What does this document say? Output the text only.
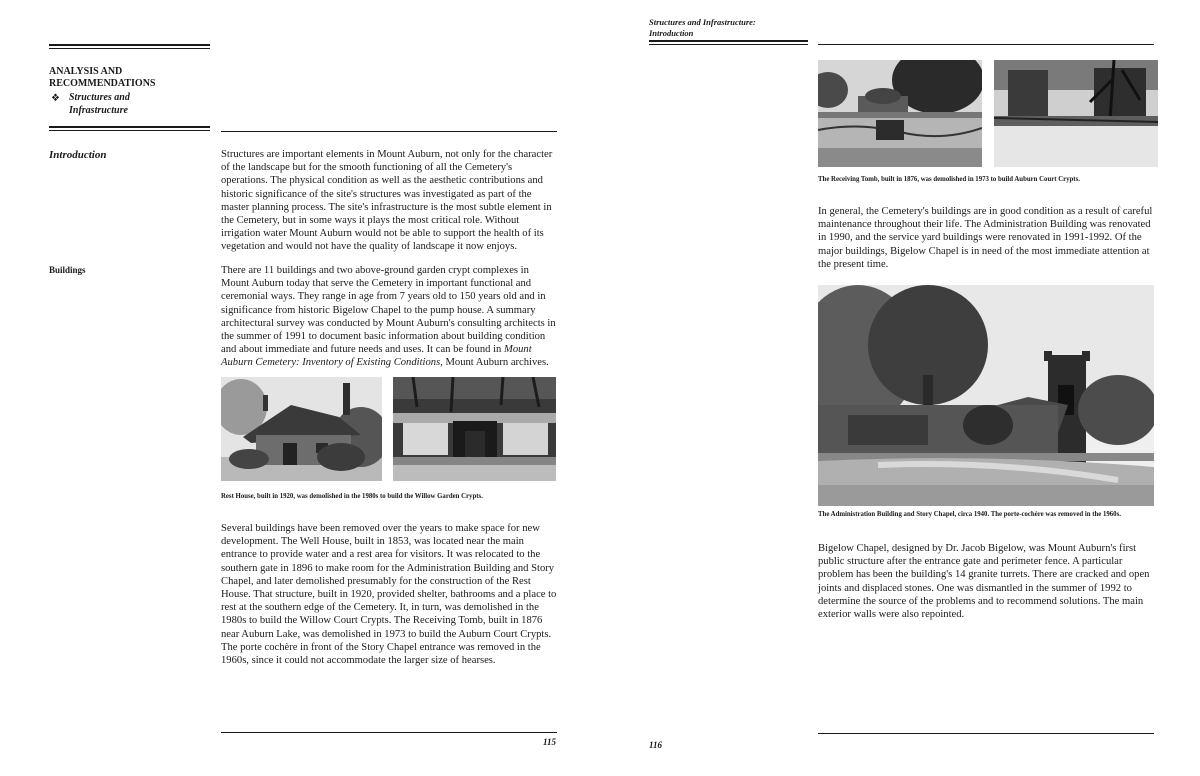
ANALYSIS AND
RECOMMENDATIONS
❖ Structures and
Infrastructure
Introduction	Structures are important elements in Mount Auburn, not only for the character of the landscape but for the smooth functioning of all the Cemetery's operations. The physical condition as well as the aesthetic contributions and historic significance of the site's structures was investigated as part of the master planning process. The site's infrastructure is the most subtle element in the Cemetery, but in some ways it plays the most critical role. Without irrigation water Mount Auburn would not be able to support the health of its vegetation and would not have the quality of landscape it now enjoys.
Buildings	There are 11 buildings and two above-ground garden crypt complexes in Mount Auburn today that serve the Cemetery in important functional and ceremonial ways. They range in age from 7 years old to 150 years old and in significance from historic Bigelow Chapel to the pump house. A summary architectural survey was conducted by Mount Auburn's consulting architects in the summer of 1991 to document basic information about building condition and about immediate and future needs and uses. It can be found in Mount Auburn Cemetery: Inventory of Existing Conditions, Mount Auburn archives.
Rest House, built in 1920, was demolished in the 1980s to build the Willow Garden Crypts.
Several buildings have been removed over the years to make space for new development. The Well House, built in 1853, was located near the main entrance to provide water and a rest area for visitors. It was relocated to the southern gate in 1896 to make room for the Administration Building and Story Chapel, and later demolished presumably for the construction of the Rest House. That structure, built in 1920, provided shelter, bathrooms and a place to rest at the southern edge of the Cemetery. It, in turn, was demolished in the 1980s to build the Willow Court Crypts. The Receiving Tomb, built in 1876 near Auburn Lake, was demolished in 1973 to build the Auburn Court Crypts. The porte cochère in front of the Story Chapel entrance was removed in the 1960s, since it could not accommodate the larger size of hearses.
115
Structures and Infrastructure:
Introduction
The Receiving Tomb, built in 1876, was demolished in 1973 to build Auburn Court Crypts.
In general, the Cemetery's buildings are in good condition as a result of careful maintenance throughout their life. The Administration Building was renovated in 1990, and the service yard buildings were renovated in 1991-1992. Of the major buildings, Bigelow Chapel is in need of the most immediate attention at the present time.
The Administration Building and Story Chapel, circa 1940. The porte-cochère was removed in the 1960s.
Bigelow Chapel, designed by Dr. Jacob Bigelow, was Mount Auburn's first public structure after the entrance gate and perimeter fence. A particular problem has been the building's 14 granite turrets. There are cracked and open joints and displaced stones. One was dismantled in the summer of 1992 to determine the source of the problems and to recommend solutions. The main exterior walls were also repointed.
116
